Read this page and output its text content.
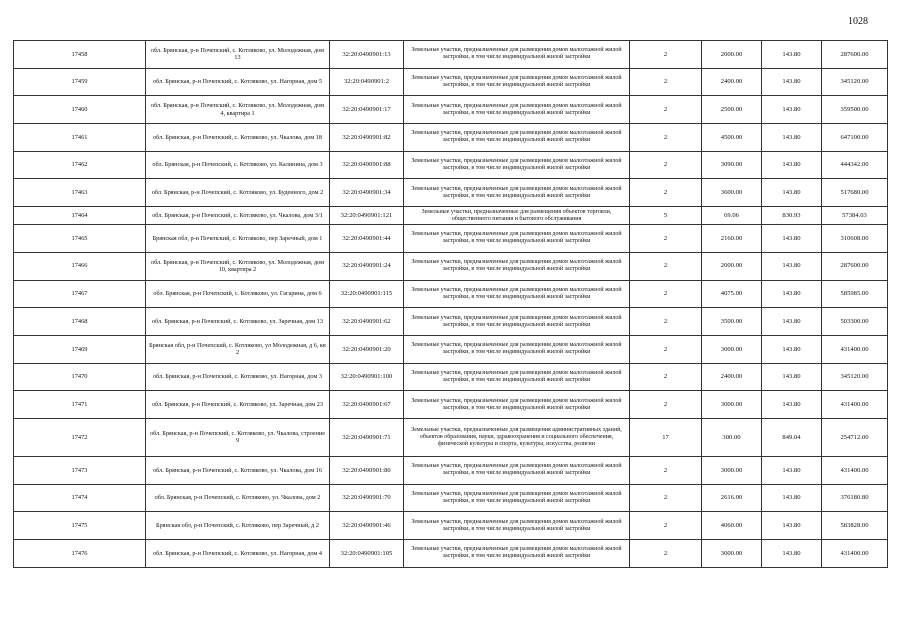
1028
17458	обл. Брянская, р-н Почепский, с. Котляково, ул. Молодежная, дом 13	32:20:0490901:13	Земельные участки, предназначенные для размещения домов малоэтажной жилой застройки, в том числе индивидуальной жилой застройки	2	2000.00	143.80	287600.00
17459	обл. Брянская, р-н Почепский, с. Котляково, ул. Нагорная, дом 5	32:20:0490901:2	Земельные участки, предназначенные для размещения домов малоэтажной жилой застройки, в том числе индивидуальной жилой застройки	2	2400.00	143.80	345120.00
17460	обл. Брянская, р-н Почепский, с. Котляково, ул. Молодежная, дом 4, квартира 1	32:20:0490901:17	Земельные участки, предназначенные для размещения домов малоэтажной жилой застройки, в том числе индивидуальной жилой застройки	2	2500.00	143.80	359500.00
17461	обл. Брянская, р-н Почепский, с. Котляково, ул. Чкалова, дом 18	32:20:0490901:82	Земельные участки, предназначенные для размещения домов малоэтажной жилой застройки, в том числе индивидуальной жилой застройки	2	4500.00	143.80	647100.00
17462	обл. Брянская, р-н Почепский, с. Котляково, ул. Калинина, дом 3	32:20:0490901:88	Земельные участки, предназначенные для размещения домов малоэтажной жилой застройки, в том числе индивидуальной жилой застройки	2	3090.00	143.80	444342.00
17463	обл. Брянская, р-н Почепский, с. Котляково, ул. Буденного, дом 2	32:20:0490901:34	Земельные участки, предназначенные для размещения домов малоэтажной жилой застройки, в том числе индивидуальной жилой застройки	2	3600.00	143.80	517680.00
17464	обл. Брянская, р-н Почепский, с. Котляково, ул. Чкалова, дом 3/1	32:20:0490901:121	Земельные участки, предназначенные для размещения объектов торговли, общественного питания и бытового обслуживания	5	69.06	830.93	57384.03
17465	Брянская обл, р-н Почепский, с. Котляково, пер Заречный, дом 1	32:20:0490901:44	Земельные участки, предназначенные для размещения домов малоэтажной жилой застройки, в том числе индивидуальной жилой застройки	2	2160.00	143.80	310608.00
17466	обл. Брянская, р-н Почепский, с. Котляково, ул. Молодежная, дом 10, квартира 2	32:20:0490901:24	Земельные участки, предназначенные для размещения домов малоэтажной жилой застройки, в том числе индивидуальной жилой застройки	2	2000.00	143.80	287600.00
17467	обл. Брянская, р-н Почепский, с. Котляково, ул. Гагарина, дом 6	32:20:0490901:115	Земельные участки, предназначенные для размещения домов малоэтажной жилой застройки, в том числе индивидуальной жилой застройки	2	4075.00	143.80	585985.00
17468	обл. Брянская, р-н Почепский, с. Котляково, ул. Заречная, дом 13	32:20:0490901:62	Земельные участки, предназначенные для размещения домов малоэтажной жилой застройки, в том числе индивидуальной жилой застройки	2	3500.00	143.80	503300.00
17469	Брянская обл, р-н Почепский, с. Котляково, ул Молодежная, д 6, кв 2	32:20:0490901:20	Земельные участки, предназначенные для размещения домов малоэтажной жилой застройки, в том числе индивидуальной жилой застройки	2	3000.00	143.80	431400.00
17470	обл. Брянская, р-н Почепский, с. Котляково, ул. Нагорная, дом 3	32:20:0490901:100	Земельные участки, предназначенные для размещения домов малоэтажной жилой застройки, в том числе индивидуальной жилой застройки	2	2400.00	143.80	345120.00
17471	обл. Брянская, р-н Почепский, с. Котляково, ул. Заречная, дом 23	32:20:0490901:67	Земельные участки, предназначенные для размещения домов малоэтажной жилой застройки, в том числе индивидуальной жилой застройки	2	3000.00	143.80	431400.00
17472	обл. Брянская, р-н Почепский, с. Котляково, ул. Чкалова, строение 9	32:20:0490901:71	Земельные участки, предназначенные для размещения административных зданий, объектов образования, науки, здравоохранения и социального обеспечения, физической культуры и спорта, культуры, искусства, религии	17	300.00	849.04	254712.00
17473	обл. Брянская, р-н Почепский, с. Котляково, ул. Чкалова, дом 16	32:20:0490901:80	Земельные участки, предназначенные для размещения домов малоэтажной жилой застройки, в том числе индивидуальной жилой застройки	2	3000.00	143.80	431400.00
17474	обл. Брянская, р-н Почепский, с. Котляково, ул. Чкалова, дом 2	32:20:0490901:70	Земельные участки, предназначенные для размещения домов малоэтажной жилой застройки, в том числе индивидуальной жилой застройки	2	2616.00	143.80	376180.80
17475	Брянская обл, р-н Почепский, с. Котляково, пер Заречный, д 2	32:20:0490901:46	Земельные участки, предназначенные для размещения домов малоэтажной жилой застройки, в том числе индивидуальной жилой застройки	2	4060.00	143.80	583828.00
17476	обл. Брянская, р-н Почепский, с. Котляково, ул. Нагорная, дом 4	32:20:0490901:105	Земельные участки, предназначенные для размещения домов малоэтажной жилой застройки, в том числе индивидуальной жилой застройки	2	3000.00	143.80	431400.00
